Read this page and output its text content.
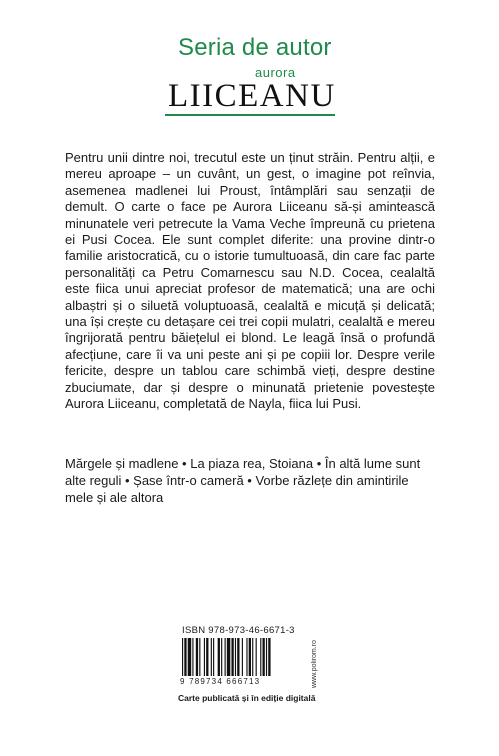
Seria de autor
aurora
LIICEANU

Pentru unii dintre noi, trecutul este un ținut străin. Pentru alții, e mereu aproape – un cuvânt, un gest, o imagine pot reînvia, asemenea madlenei lui Proust, întâmplări sau senzații de demult. O carte o face pe Aurora Liiceanu să-și amintească minunatele veri petrecute la Vama Veche împreună cu prietena ei Pusi Cocea. Ele sunt complet diferite: una provine dintr-o familie aristocratică, cu o istorie tumultuoasă, din care fac parte personalități ca Petru Comarnescu sau N.D. Cocea, cealaltă este fiica unui apreciat profesor de matematică; una are ochi albaștri și o siluetă voluptuoasă, cealaltă e micuță și delicată; una își crește cu detașare cei trei copii mulatri, cealaltă e mereu îngrijorată pentru băiețelul ei blond. Le leagă însă o profundă afecțiune, care îi va uni peste ani și pe copiii lor. Despre verile fericite, despre un tablou care schimbă vieți, despre destine zbuciumate, dar și despre o minunată prietenie povestește Aurora Liiceanu, completată de Nayla, fiica lui Pusi.

Mărgele și madlene • La piaza rea, Stoiana • În altă lume sunt alte reguli • Șase într-o cameră • Vorbe răzlețe din amintirile mele și ale altora

ISBN 978-973-46-6671-3
9 789734 666713	www.polirom.ro
Carte publicată și în ediție digitală
